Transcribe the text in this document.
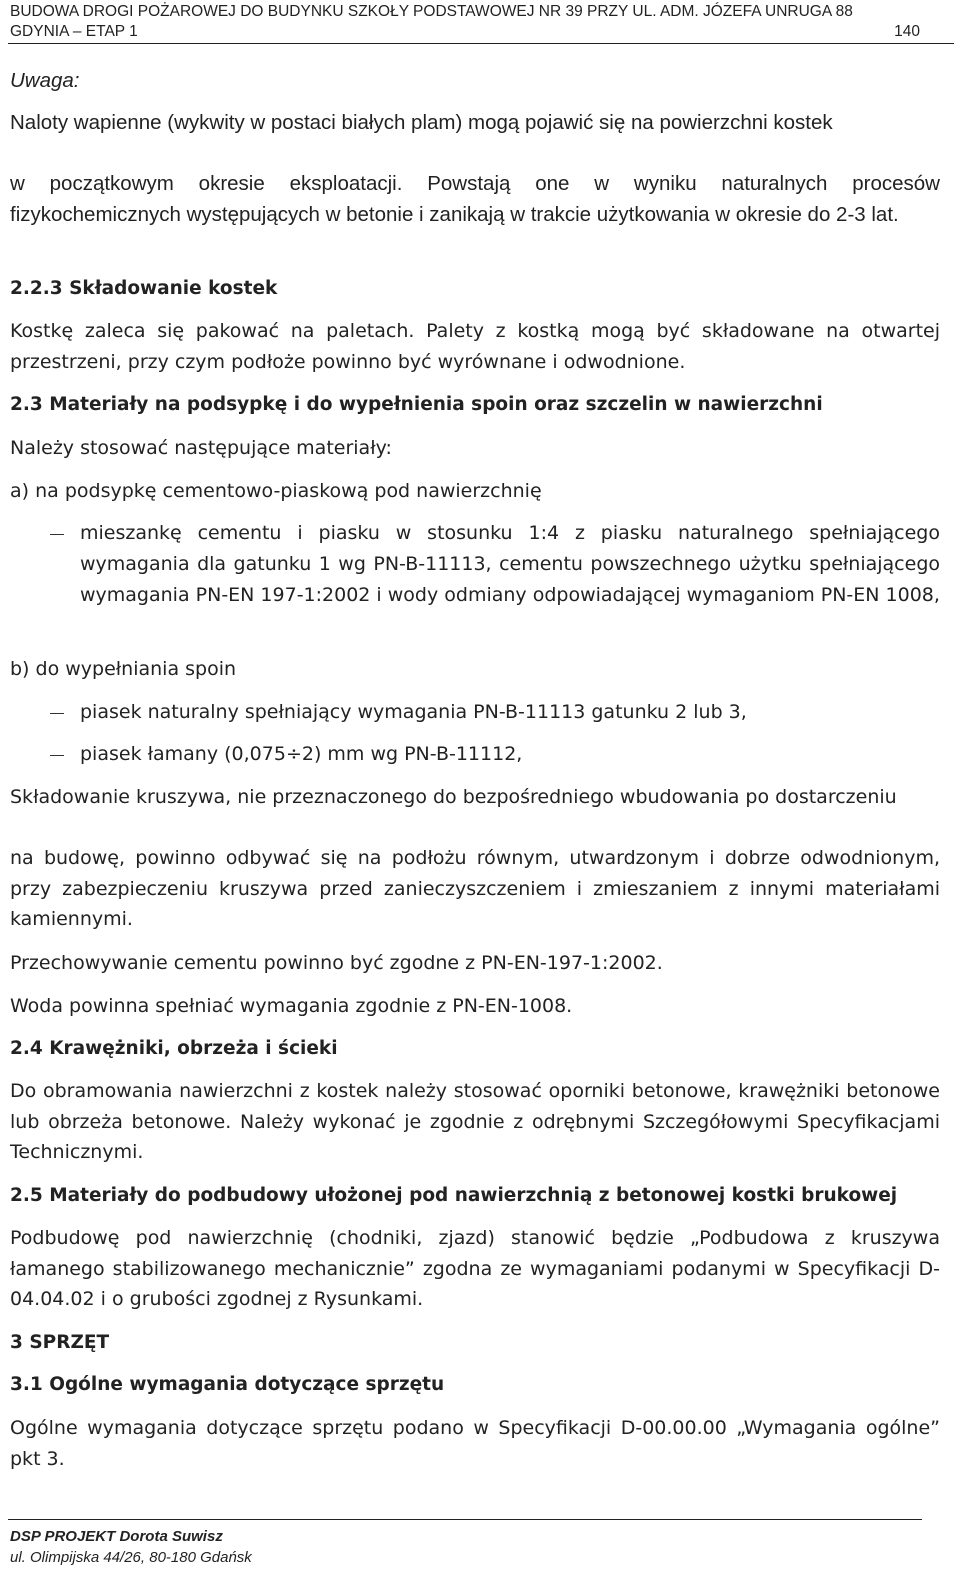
BUDOWA DROGI POŻAROWEJ DO BUDYNKU SZKOŁY PODSTAWOWEJ NR 39 PRZY UL. ADM. JÓZEFA UNRUGA 88
GDYNIA – ETAP 1	140
Uwaga:
Naloty wapienne (wykwity w postaci białych plam) mogą pojawić się na powierzchni kostek
w początkowym okresie eksploatacji. Powstają one w wyniku naturalnych procesów fizykochemicznych występujących w betonie i zanikają w trakcie użytkowania w okresie do 2-3 lat.
2.2.3 Składowanie kostek
Kostkę zaleca się pakować na paletach. Palety z kostką mogą być składowane na otwartej przestrzeni, przy czym podłoże powinno być wyrównane i odwodnione.
2.3 Materiały na podsypkę i do wypełnienia spoin oraz szczelin w nawierzchni
Należy stosować następujące materiały:
a) na podsypkę cementowo-piaskową pod nawierzchnię
mieszankę cementu i piasku w stosunku 1:4 z piasku naturalnego spełniającego wymagania dla gatunku 1 wg PN-B-11113, cementu powszechnego użytku spełniającego wymagania PN-EN 197-1:2002 i wody odmiany odpowiadającej wymaganiom PN-EN 1008,
b) do wypełniania spoin
piasek naturalny spełniający wymagania PN-B-11113 gatunku 2 lub 3,
piasek łamany (0,075÷2) mm wg PN-B-11112,
Składowanie kruszywa, nie przeznaczonego do bezpośredniego wbudowania po dostarczeniu
na budowę, powinno odbywać się na podłożu równym, utwardzonym i dobrze odwodnionym, przy zabezpieczeniu kruszywa przed zanieczyszczeniem i zmieszaniem z innymi materiałami kamiennymi.
Przechowywanie cementu powinno być zgodne z PN-EN-197-1:2002.
Woda powinna spełniać wymagania zgodnie z PN-EN-1008.
2.4 Krawężniki, obrzeża i ścieki
Do obramowania nawierzchni z kostek należy stosować oporniki betonowe, krawężniki betonowe lub obrzeża betonowe. Należy wykonać je zgodnie z odrębnymi Szczegółowymi Specyfikacjami Technicznymi.
2.5 Materiały do podbudowy ułożonej pod nawierzchnią z betonowej kostki brukowej
Podbudowę pod nawierzchnię (chodniki, zjazd) stanowić będzie „Podbudowa z kruszywa łamanego stabilizowanego mechanicznie” zgodna ze wymaganiami podanymi w Specyfikacji D-04.04.02 i o grubości zgodnej z Rysunkami.
3 SPRZĘT
3.1 Ogólne wymagania dotyczące sprzętu
Ogólne wymagania dotyczące sprzętu podano w Specyfikacji D-00.00.00 „Wymagania ogólne” pkt 3.
DSP PROJEKT Dorota Suwisz
ul. Olimpijska 44/26, 80-180 Gdańsk
